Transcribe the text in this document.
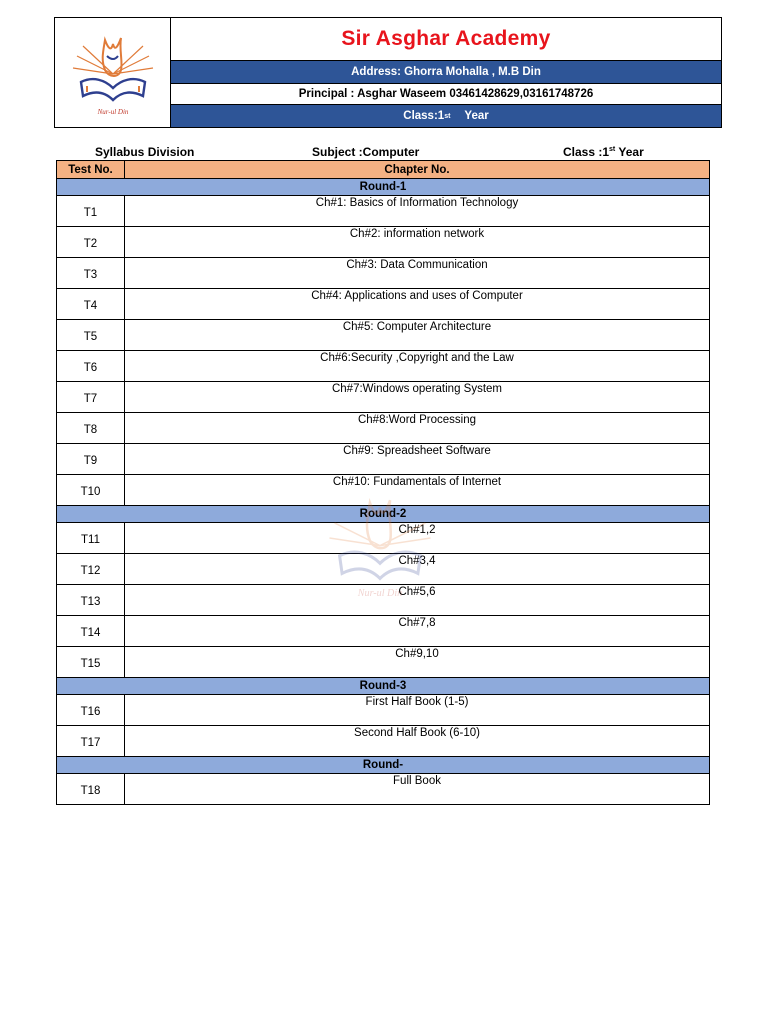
Nur-ul Din
Sir Asghar Academy
Address: Ghorra Mohalla , M.B Din
Principal : Asghar Waseem 03461428629,03161748726
Class:1 st Year
Syllabus Division	Subject :Computer	Class :1st Year
Test No.	Chapter No.
Round-1	
T1	Ch#1: Basics of Information Technology
T2	Ch#2: information network
T3	Ch#3: Data Communication
T4	Ch#4: Applications and uses of Computer
T5	Ch#5: Computer Architecture
T6	Ch#6:Security ,Copyright and the Law
T7	Ch#7:Windows operating System
T8	Ch#8:Word Processing
T9	Ch#9: Spreadsheet Software
T10	Ch#10: Fundamentals of Internet
Round-2	
T11	Ch#1,2
T12	Ch#3,4
T13	Ch#5,6
T14	Ch#7,8
T15	Ch#9,10
Round-3	
T16	First Half Book (1-5)
T17	Second Half Book (6-10)
Round-	
T18	Full Book
Nur-ul Din
